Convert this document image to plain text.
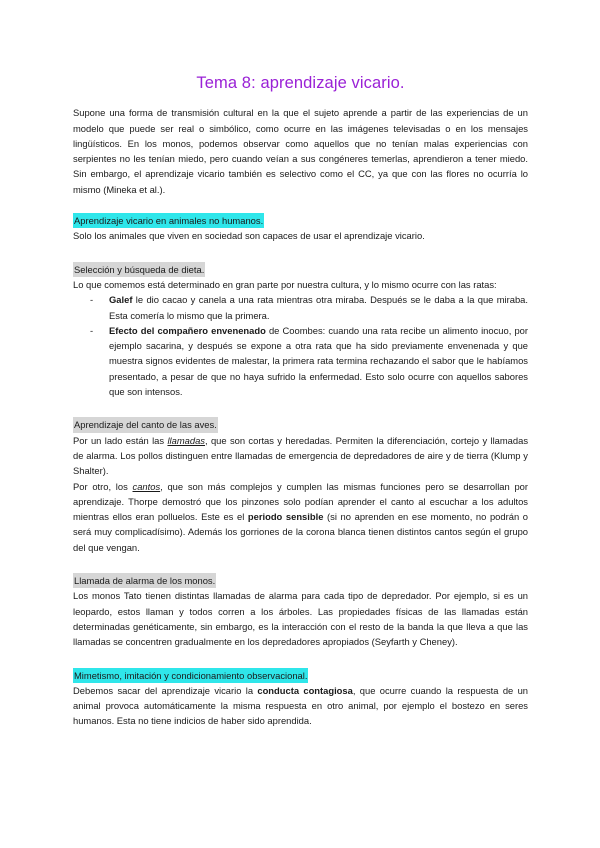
Tema 8: aprendizaje vicario.

Supone una forma de transmisión cultural en la que el sujeto aprende a partir de las experiencias de un modelo que puede ser real o simbólico, como ocurre en las imágenes televisadas o en los mensajes lingüísticos. En los monos, podemos observar como aquellos que no tenían malas experiencias con serpientes no les tenían miedo, pero cuando veían a sus congéneres temerlas, aprendieron a tener miedo. Sin embargo, el aprendizaje vicario también es selectivo como el CC, ya que con las flores no ocurría lo mismo (Mineka et al.).

Aprendizaje vicario en animales no humanos.

Solo los animales que viven en sociedad son capaces de usar el aprendizaje vicario.

Selección y búsqueda de dieta.

Lo que comemos está determinado en gran parte por nuestra cultura, y lo mismo ocurre con las ratas:

- Galef le dio cacao y canela a una rata mientras otra miraba. Después se le daba a la que miraba. Esta comería lo mismo que la primera.
- Efecto del compañero envenenado de Coombes: cuando una rata recibe un alimento inocuo, por ejemplo sacarina, y después se expone a otra rata que ha sido previamente envenenada y que muestra signos evidentes de malestar, la primera rata termina rechazando el sabor que le habíamos presentado, a pesar de que no haya sufrido la enfermedad. Esto solo ocurre con aquellos sabores que son intensos.
Aprendizaje del canto de las aves.

Por un lado están las llamadas, que son cortas y heredadas. Permiten la diferenciación, cortejo y llamadas de alarma. Los pollos distinguen entre llamadas de emergencia de depredadores de aire y de tierra (Klump y Shalter).

Por otro, los cantos, que son más complejos y cumplen las mismas funciones pero se desarrollan por aprendizaje. Thorpe demostró que los pinzones solo podían aprender el canto al escuchar a los adultos mientras ellos eran polluelos. Este es el periodo sensible (si no aprenden en ese momento, no podrán o será muy complicadísimo). Además los gorriones de la corona blanca tienen distintos cantos según el grupo del que vengan.

Llamada de alarma de los monos.

Los monos Tato tienen distintas llamadas de alarma para cada tipo de depredador. Por ejemplo, si es un leopardo, estos llaman y todos corren a los árboles. Las propiedades físicas de las llamadas están determinadas genéticamente, sin embargo, es la interacción con el resto de la banda la que lleva a que las llamadas se concentren gradualmente en los depredadores apropiados (Seyfarth y Cheney).

Mimetismo, imitación y condicionamiento observacional.

Debemos sacar del aprendizaje vicario la conducta contagiosa, que ocurre cuando la respuesta de un animal provoca automáticamente la misma respuesta en otro animal, por ejemplo el bostezo en seres humanos. Esta no tiene indicios de haber sido aprendida.
